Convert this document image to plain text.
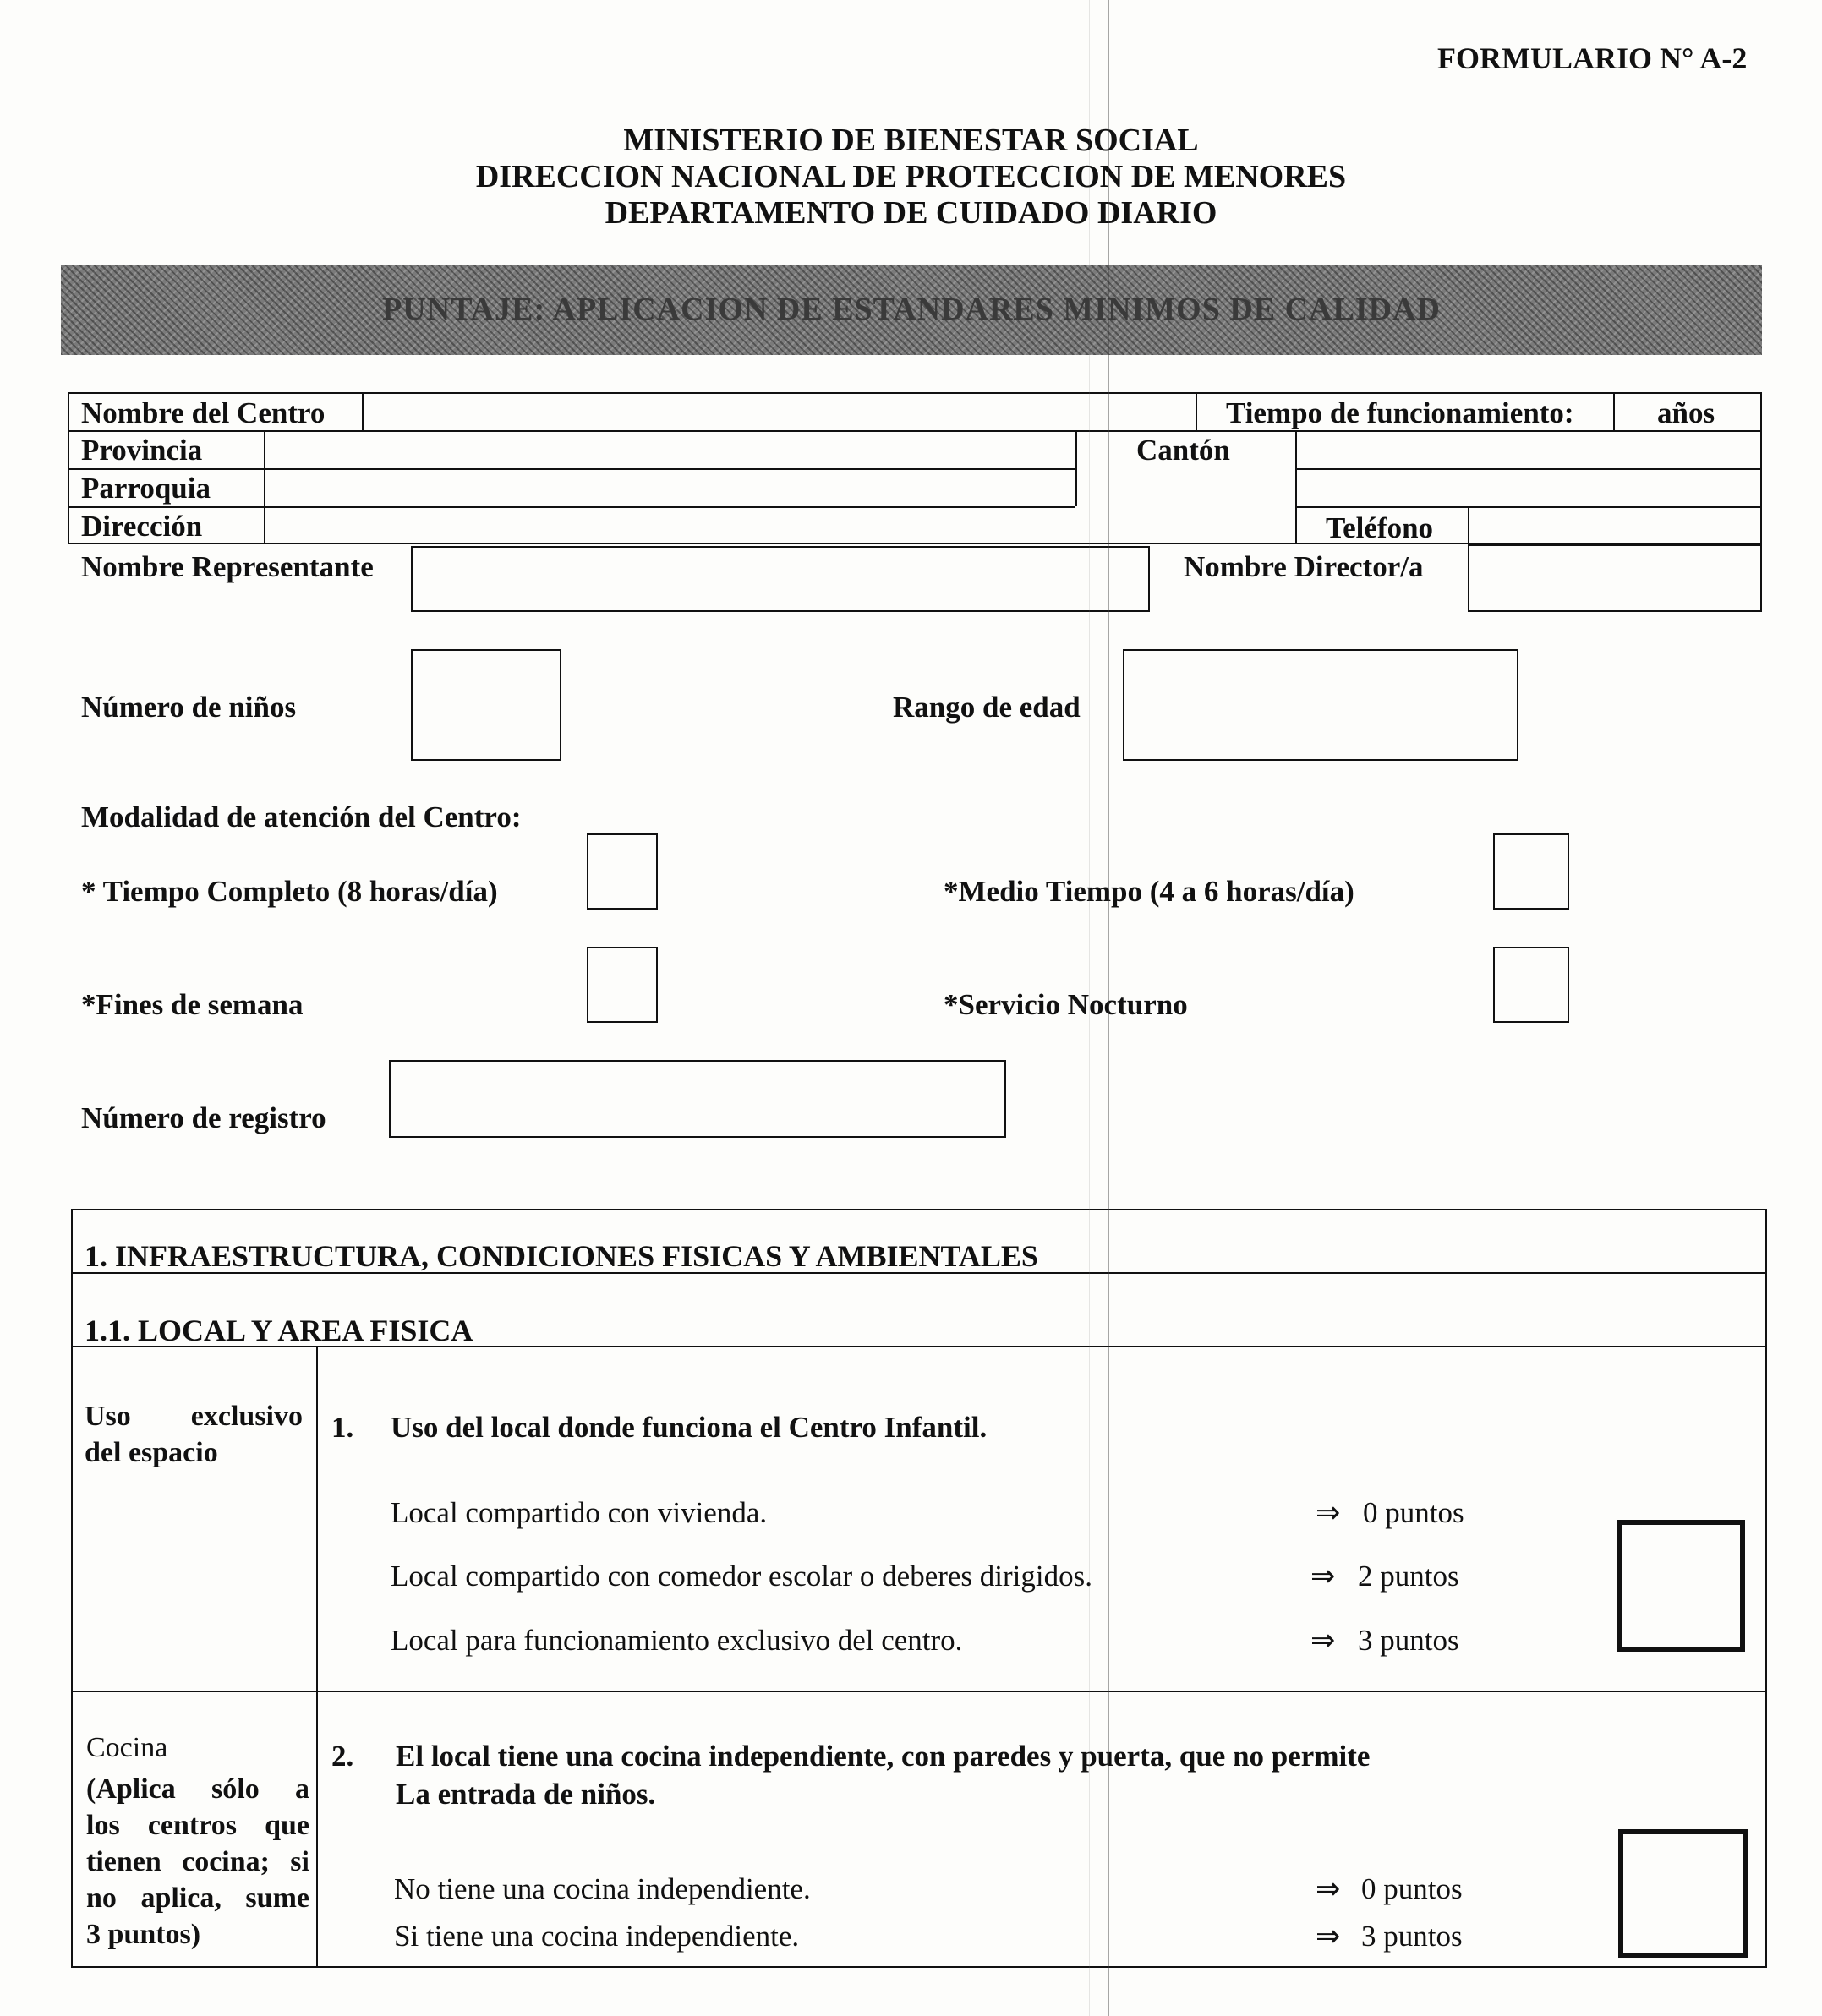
FORMULARIO N° A-2
MINISTERIO DE BIENESTAR SOCIAL
DIRECCION NACIONAL DE PROTECCION DE MENORES
DEPARTAMENTO DE CUIDADO DIARIO
PUNTAJE: APLICACION DE ESTANDARES MINIMOS DE CALIDAD
Nombre del Centro	Tiempo de funcionamiento:	años
Provincia	Cantón
Parroquia
Dirección	Teléfono
Nombre Representante	Nombre Director/a
Número de niños	Rango de edad
Modalidad de atención del Centro:
* Tiempo Completo (8 horas/día)	*Medio Tiempo (4 a 6 horas/día)
*Fines de semana	*Servicio Nocturno
Número de registro
1. INFRAESTRUCTURA, CONDICIONES FISICAS Y AMBIENTALES
1.1. LOCAL Y AREA FISICA
Uso exclusivo
del espacio
1. Uso del local donde funciona el Centro Infantil.
Local compartido con vivienda.	⇒ 0 puntos
Local compartido con comedor escolar o deberes dirigidos.	⇒ 2 puntos
Local para funcionamiento exclusivo del centro.	⇒ 3 puntos
Cocina
(Aplica sólo a
los centros que
tienen cocina; si
no aplica, sume
3 puntos)
2. El local tiene una cocina independiente, con paredes y puerta, que no permite
La entrada de niños.
No tiene una cocina independiente.	⇒ 0 puntos
Si tiene una cocina independiente.	⇒ 3 puntos
